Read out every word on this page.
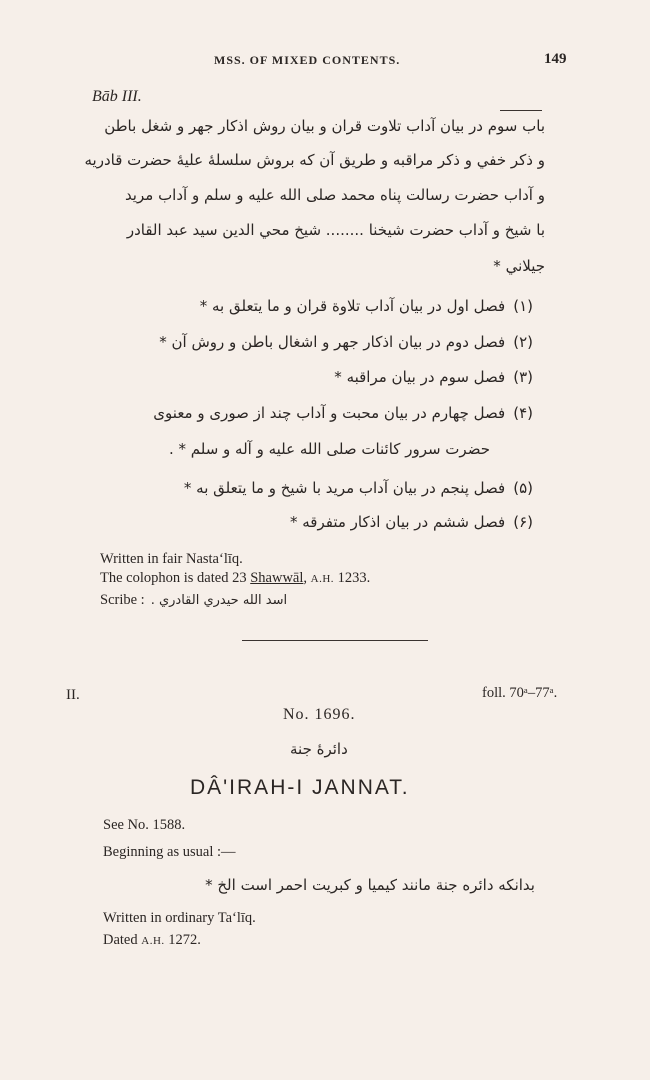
MSS. OF MIXED CONTENTS.	149
Bāb III.
باب سوم در بیان آداب تلاوت قران و بیان روش اذکار جهر و شغل باطن
و ذکر خفي و ذکر مراقبه و طریق آن که بروش سلسلهٔ علیهٔ حضرت قادریه
و آداب حضرت رسالت پناه محمد صلی الله علیه و سلم و آداب مرید
با شیخ و آداب حضرت شیخنا ........ شیخ محي الدین سید عبد القادر
جیلاني *
(۱)فصل اول در بیان آداب تلاوة قران و ما یتعلق به *
(۲)فصل دوم در بیان اذکار جهر و اشغال باطن و روش آن *
(۳)فصل سوم در بیان مراقبه *
(۴)فصل چهارم در بیان محبت و آداب چند از صوری و معنوی
حضرت سرور کائنات صلی الله علیه و آله و سلم * .
(۵)فصل پنجم در بیان آداب مرید با شیخ و ما یتعلق به *
(۶)فصل ششم در بیان اذکار متفرقه *
Written in fair Nastaʻlīq.
The colophon is dated 23 Shawwāl, A.H. 1233.
Scribe : اسد الله حیدري القادري .
II.	foll. 70ᵃ–77ᵃ.
No. 1696.
دائرهٔ جنة
DÂ'IRAH-I JANNAT.
See No. 1588.
Beginning as usual :—
بدانکه دائره جنة مانند کیمیا و کبریت احمر است الخ *
Written in ordinary Taʻlīq.
Dated A.H. 1272.
